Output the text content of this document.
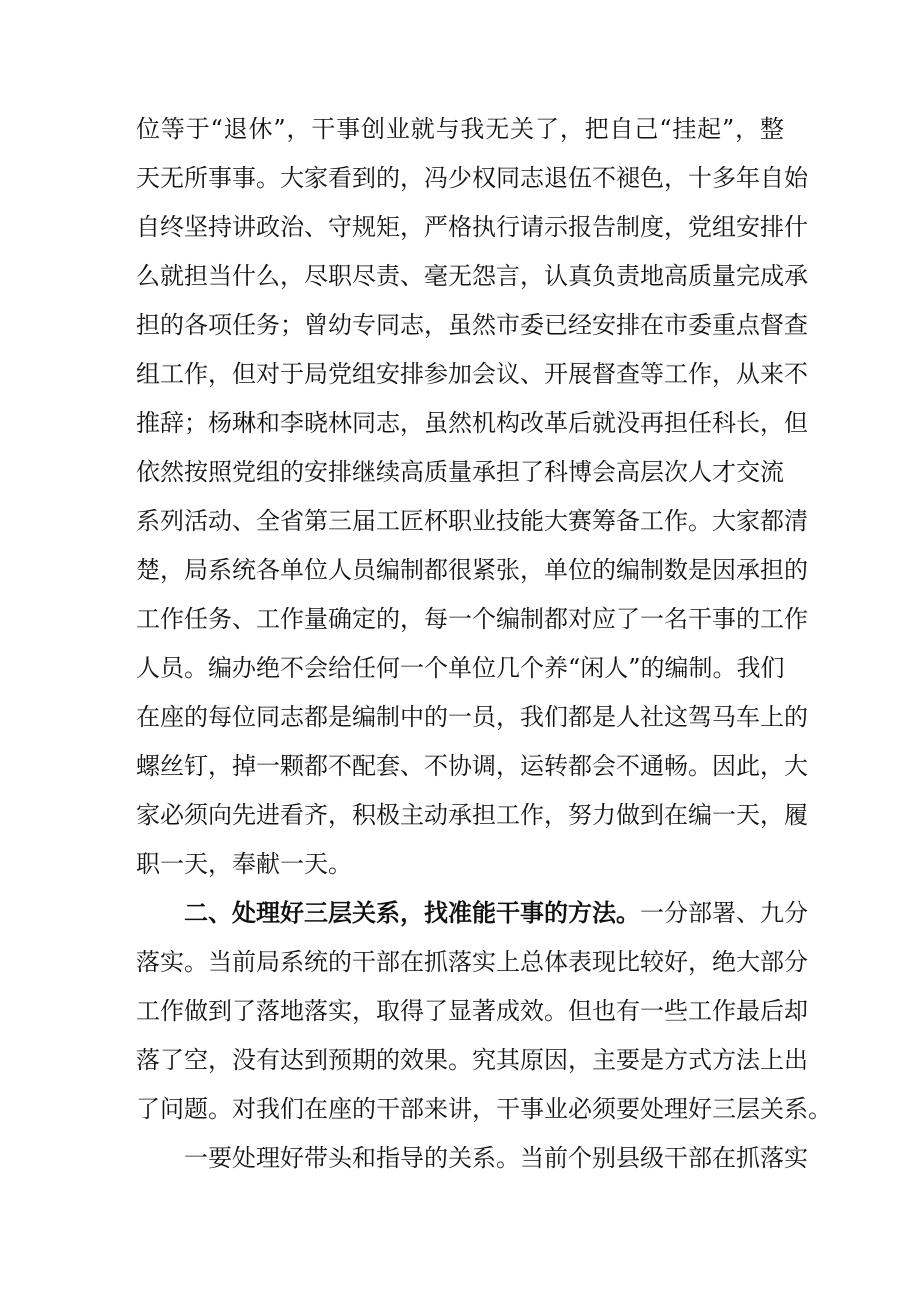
位等于“退休”，干事创业就与我无关了，把自己“挂起”，整
天无所事事。大家看到的，冯少权同志退伍不褪色，十多年自始
自终坚持讲政治、守规矩，严格执行请示报告制度，党组安排什
么就担当什么，尽职尽责、毫无怨言，认真负责地高质量完成承
担的各项任务；曾幼专同志，虽然市委已经安排在市委重点督查
组工作，但对于局党组安排参加会议、开展督查等工作，从来不
推辞；杨琳和李晓林同志，虽然机构改革后就没再担任科长，但
依然按照党组的安排继续高质量承担了科博会高层次人才交流
系列活动、全省第三届工匠杯职业技能大赛筹备工作。大家都清
楚，局系统各单位人员编制都很紧张，单位的编制数是因承担的
工作任务、工作量确定的，每一个编制都对应了一名干事的工作
人员。编办绝不会给任何一个单位几个养“闲人”的编制。我们
在座的每位同志都是编制中的一员，我们都是人社这驾马车上的
螺丝钉，掉一颗都不配套、不协调，运转都会不通畅。因此，大
家必须向先进看齐，积极主动承担工作，努力做到在编一天，履
职一天，奉献一天。
二、处理好三层关系，找准能干事的方法。一分部署、九分
落实。当前局系统的干部在抓落实上总体表现比较好，绝大部分
工作做到了落地落实，取得了显著成效。但也有一些工作最后却
落了空，没有达到预期的效果。究其原因，主要是方式方法上出
了问题。对我们在座的干部来讲，干事业必须要处理好三层关系。
一要处理好带头和指导的关系。当前个别县级干部在抓落实
